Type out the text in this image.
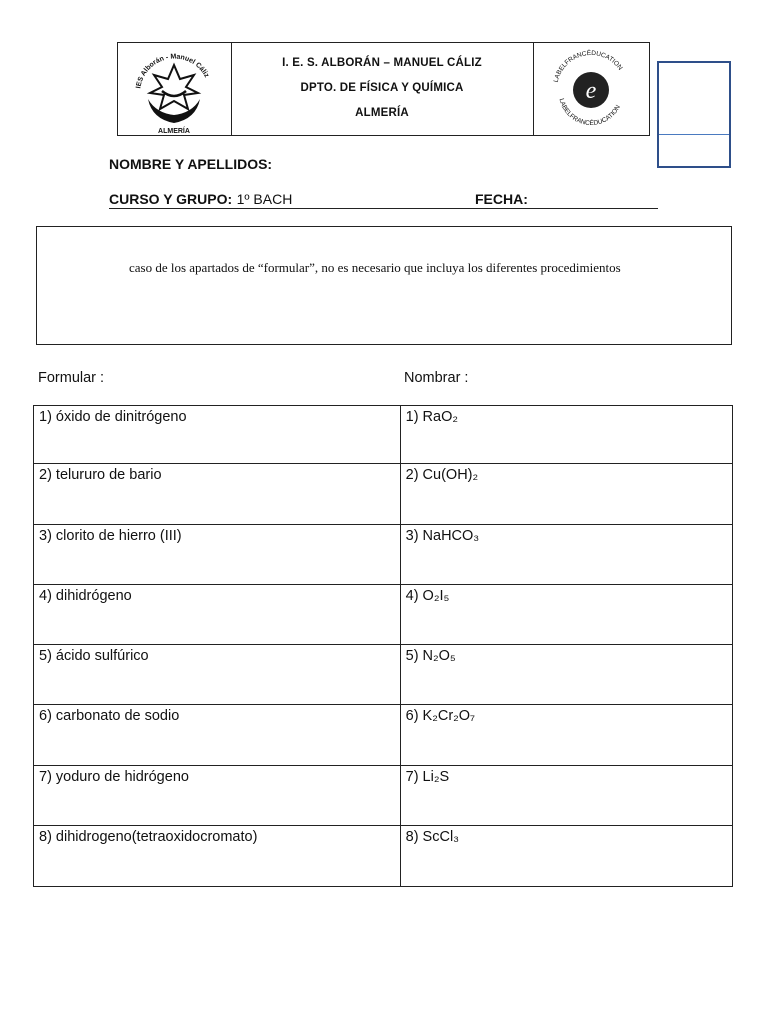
IES Alborán - Manuel Cáliz
ALMERÍA
I. E. S. ALBORÁN – MANUEL CÁLIZ
DPTO. DE FÍSICA Y QUÍMICA
ALMERÍA
LABELFRANCÉDUCATION
LABELFRANCÉDUCATION
e
NOMBRE Y APELLIDOS:
CURSO Y GRUPO: 1º BACH	FECHA:
caso de los apartados de “formular”, no es necesario que incluya los diferentes procedimientos
Formular :	Nombrar :
1) óxido de dinitrógeno	1) RaO₂
2) telururo de bario	2) Cu(OH)₂
3) clorito de hierro (III)	3) NaHCO₃
4) dihidrógeno	4) O₂I₅
5) ácido sulfúrico	5) N₂O₅
6) carbonato de sodio	6) K₂Cr₂O₇
7) yoduro de hidrógeno	7) Li₂S
8) dihidrogeno(tetraoxidocromato)	8) ScCl₃
